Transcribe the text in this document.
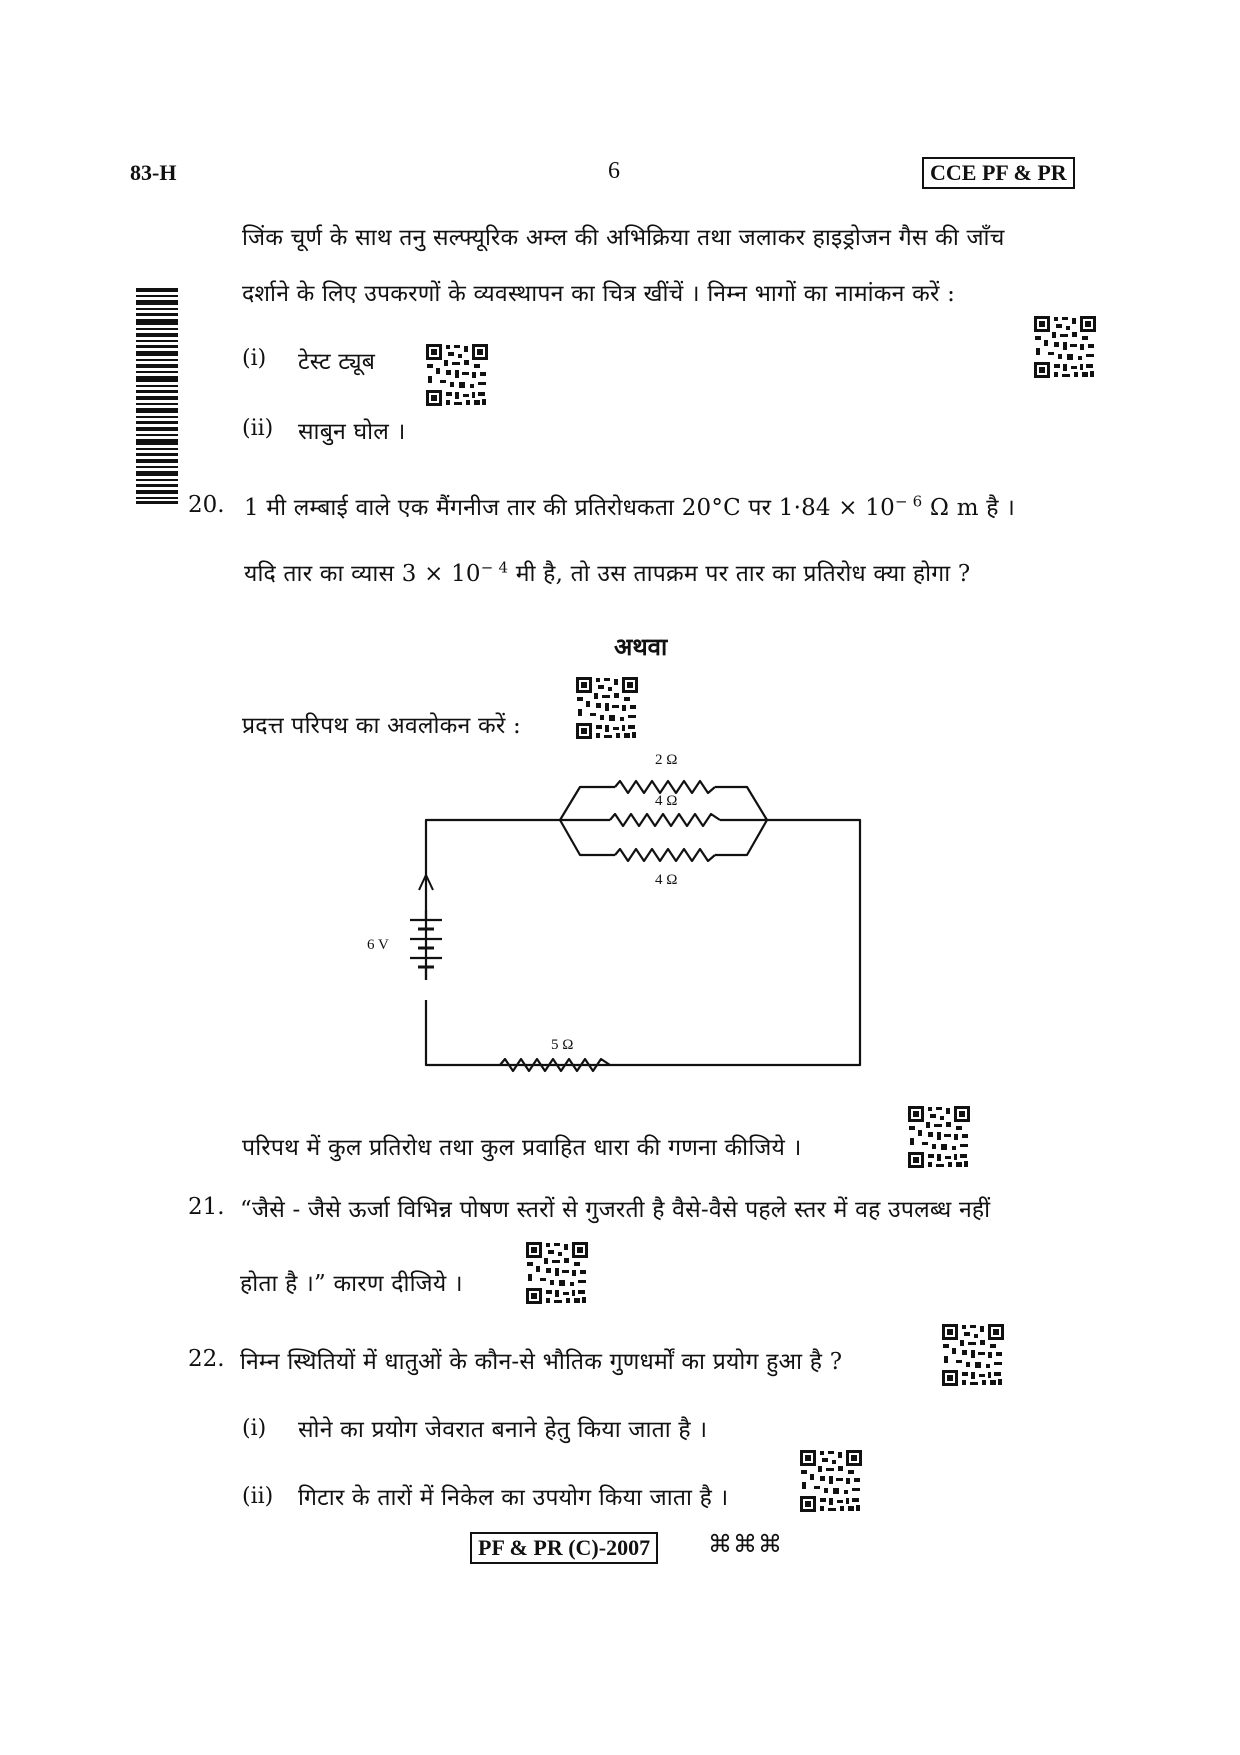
83-H	6	CCE PF & PR
जिंक चूर्ण के साथ तनु सल्फ्यूरिक अम्ल की अभिक्रिया तथा जलाकर हाइड्रोजन गैस की जाँच
दर्शाने के लिए उपकरणों के व्यवस्थापन का चित्र खींचें । निम्न भागों का नामांकन करें :
(i) टेस्ट ट्यूब
(ii) साबुन घोल ।
20. 1 मी लम्बाई वाले एक मैंगनीज तार की प्रतिरोधकता 20°C पर $1\cdot 84 \times 10^{- 6}$ Ω m है ।
यदि तार का व्यास $3 \times 10^{- 4}$ मी है, तो उस तापक्रम पर तार का प्रतिरोध क्या होगा ?
अथवा
प्रदत्त परिपथ का अवलोकन करें :
2 Ω
4 Ω
4 Ω
5 Ω
6 V
परिपथ में कुल प्रतिरोध तथा कुल प्रवाहित धारा की गणना कीजिये ।
21. “जैसे - जैसे ऊर्जा विभिन्न पोषण स्तरों से गुजरती है वैसे-वैसे पहले स्तर में वह उपलब्ध नहीं
होता है ।” कारण दीजिये ।
22. निम्न स्थितियों में धातुओं के कौन-से भौतिक गुणधर्मों का प्रयोग हुआ है ?
(i) सोने का प्रयोग जेवरात बनाने हेतु किया जाता है ।
(ii) गिटार के तारों में निकेल का उपयोग किया जाता है ।
PF & PR (C)-2007	⌘⌘⌘
